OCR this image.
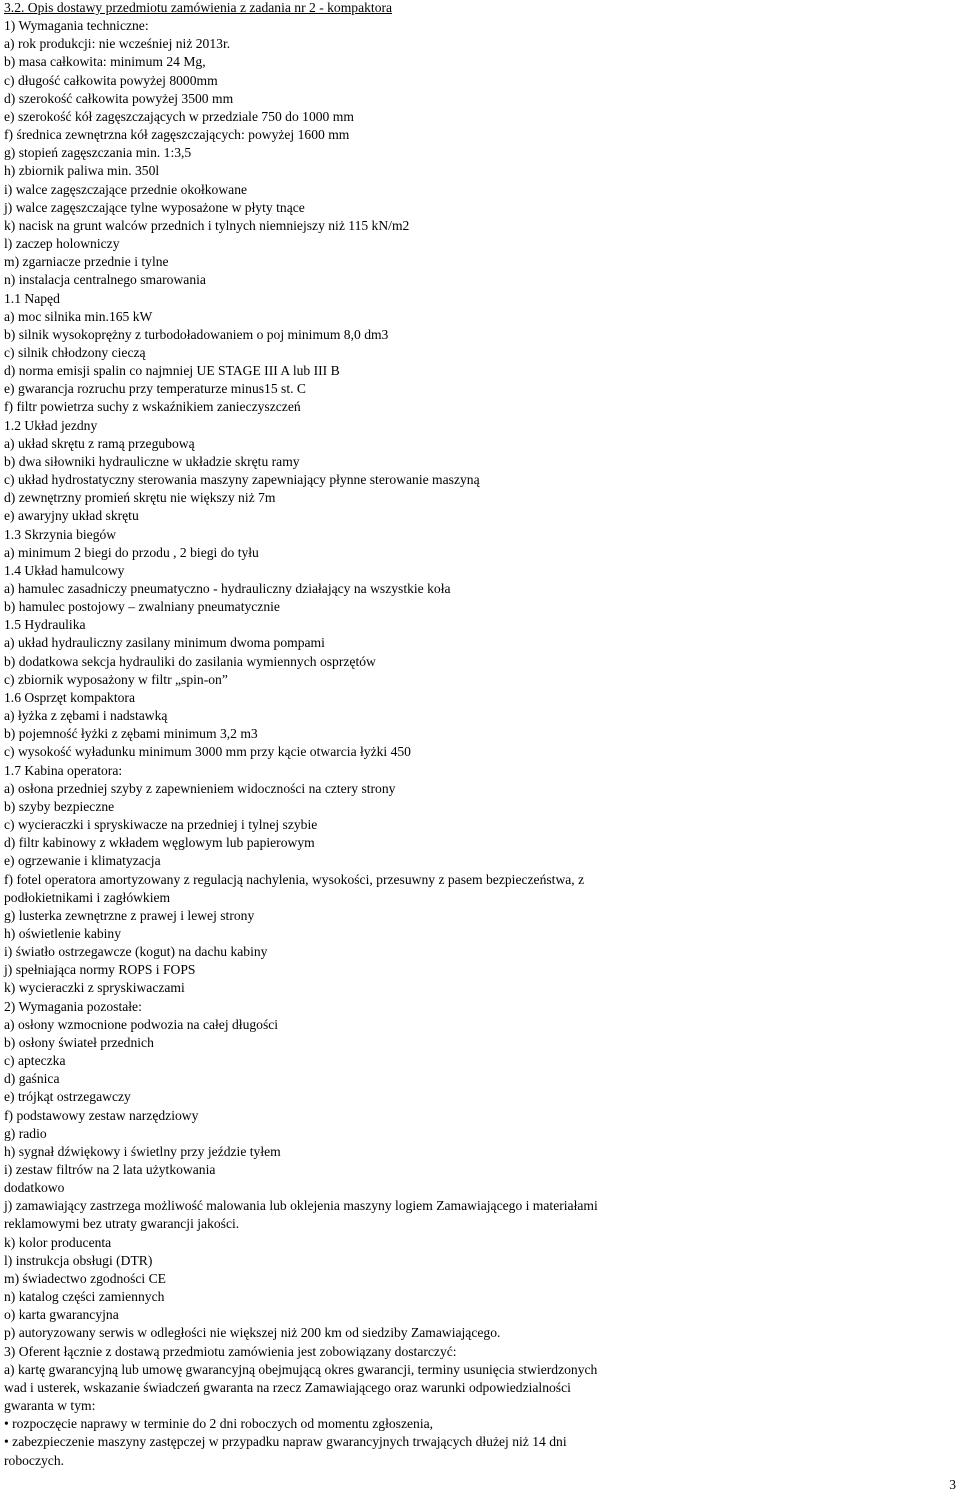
3.2. Opis dostawy przedmiotu zamówienia z zadania nr 2 - kompaktora
1) Wymagania techniczne:
a) rok produkcji: nie wcześniej niż 2013r.
b) masa całkowita: minimum 24 Mg,
c) długość całkowita powyżej 8000mm
d) szerokość całkowita powyżej 3500 mm
e) szerokość kół zagęszczających w przedziale 750 do 1000 mm
f) średnica zewnętrzna kół zagęszczających: powyżej 1600 mm
g) stopień zagęszczania min. 1:3,5
h) zbiornik paliwa min. 350l
i) walce zagęszczające przednie okołkowane
j) walce zagęszczające tylne wyposażone w płyty tnące
k) nacisk na grunt walców przednich i tylnych niemniejszy niż 115 kN/m2
l) zaczep holowniczy
m) zgarniacze przednie i tylne
n) instalacja centralnego smarowania
1.1 Napęd
a) moc silnika min.165 kW
b) silnik wysokoprężny z turbodoładowaniem o poj minimum 8,0 dm3
c) silnik chłodzony cieczą
d) norma emisji spalin co najmniej UE STAGE III A lub III B
e) gwarancja rozruchu przy temperaturze minus15 st. C
f) filtr powietrza suchy z wskaźnikiem zanieczyszczeń
1.2 Układ jezdny
a) układ skrętu z ramą przegubową
b) dwa siłowniki hydrauliczne w układzie skrętu ramy
c) układ hydrostatyczny sterowania maszyny zapewniający płynne sterowanie maszyną
d) zewnętrzny promień skrętu nie większy niż 7m
e) awaryjny układ skrętu
1.3 Skrzynia biegów
a) minimum 2 biegi do przodu , 2 biegi do tyłu
1.4 Układ hamulcowy
a) hamulec zasadniczy pneumatyczno - hydrauliczny działający na wszystkie koła
b) hamulec postojowy – zwalniany pneumatycznie
1.5 Hydraulika
a) układ hydrauliczny zasilany minimum dwoma pompami
b) dodatkowa sekcja hydrauliki do zasilania wymiennych osprzętów
c) zbiornik wyposażony w filtr „spin-on”
1.6 Osprzęt kompaktora
a) łyżka z zębami i nadstawką
b) pojemność łyżki z zębami minimum 3,2 m3
c) wysokość wyładunku minimum 3000 mm przy kącie otwarcia łyżki 450
1.7 Kabina operatora:
a) osłona przedniej szyby z zapewnieniem widoczności na cztery strony
b) szyby bezpieczne
c) wycieraczki i spryskiwacze na przedniej i tylnej szybie
d) filtr kabinowy z wkładem węglowym lub papierowym
e) ogrzewanie i klimatyzacja
f) fotel operatora amortyzowany z regulacją nachylenia, wysokości, przesuwny z pasem bezpieczeństwa, z
podłokietnikami i zagłówkiem
g) lusterka zewnętrzne z prawej i lewej strony
h) oświetlenie kabiny
i) światło ostrzegawcze (kogut) na dachu kabiny
j) spełniająca normy ROPS i FOPS
k) wycieraczki z spryskiwaczami
2) Wymagania pozostałe:
a) osłony wzmocnione podwozia na całej długości
b) osłony świateł przednich
c) apteczka
d) gaśnica
e) trójkąt ostrzegawczy
f) podstawowy zestaw narzędziowy
g) radio
h) sygnał dźwiękowy i świetlny przy jeździe tyłem
i) zestaw filtrów na 2 lata użytkowania
dodatkowo
j) zamawiający zastrzega możliwość malowania lub oklejenia maszyny logiem Zamawiającego i materiałami
reklamowymi bez utraty gwarancji jakości.
k) kolor producenta
l) instrukcja obsługi (DTR)
m) świadectwo zgodności CE
n) katalog części zamiennych
o) karta gwarancyjna
p) autoryzowany serwis w odległości nie większej niż 200 km od siedziby Zamawiającego.
3) Oferent łącznie z dostawą przedmiotu zamówienia jest zobowiązany dostarczyć:
a) kartę gwarancyjną lub umowę gwarancyjną obejmującą okres gwarancji, terminy usunięcia stwierdzonych
wad i usterek, wskazanie świadczeń gwaranta na rzecz Zamawiającego oraz warunki odpowiedzialności
gwaranta w tym:
• rozpoczęcie naprawy w terminie do 2 dni roboczych od momentu zgłoszenia,
• zabezpieczenie maszyny zastępczej w przypadku napraw gwarancyjnych trwających dłużej niż 14 dni
roboczych.
3
